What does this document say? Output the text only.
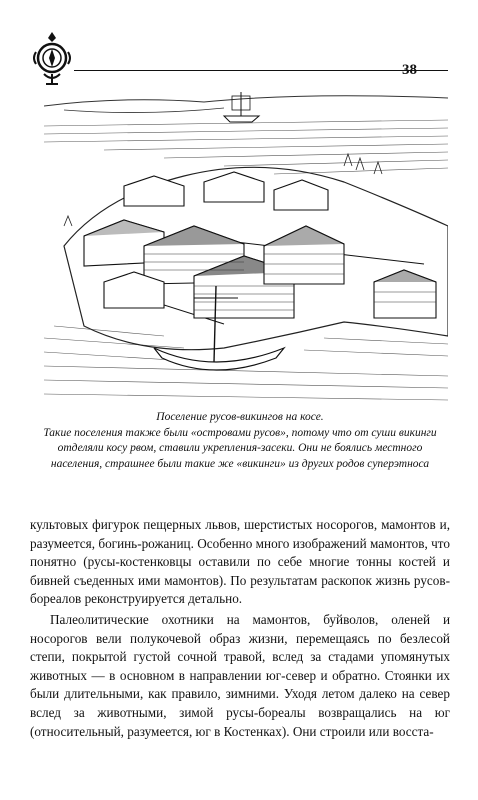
38

Поселение русов-викингов на косе.

Такие поселения также были «островами русов», потому что от суши викинги отделяли косу рвом, ставили укрепления-засеки. Они не боялись местного населения, страшнее были такие же «викинги» из других родов суперэтноса

культовых фигурок пещерных львов, шерстистых носорогов, мамонтов и, разумеется, богинь-рожаниц. Особенно много изображений мамонтов, что понятно (русы-костенковцы оставили по себе многие тонны костей и бивней съеденных ими мамонтов). По результатам раскопок жизнь русов-бореалов реконструируется детально.

Палеолитические охотники на мамонтов, буйволов, оленей и носорогов вели полукочевой образ жизни, перемещаясь по безлесой степи, покрытой густой сочной травой, вслед за стадами упомянутых животных — в основном в направлении юг-север и обратно. Стоянки их были длительными, как правило, зимними. Уходя летом далеко на север вслед за животными, зимой русы-бореалы возвращались на юг (относительный, разумеется, юг в Костенках). Они строили или восста-
